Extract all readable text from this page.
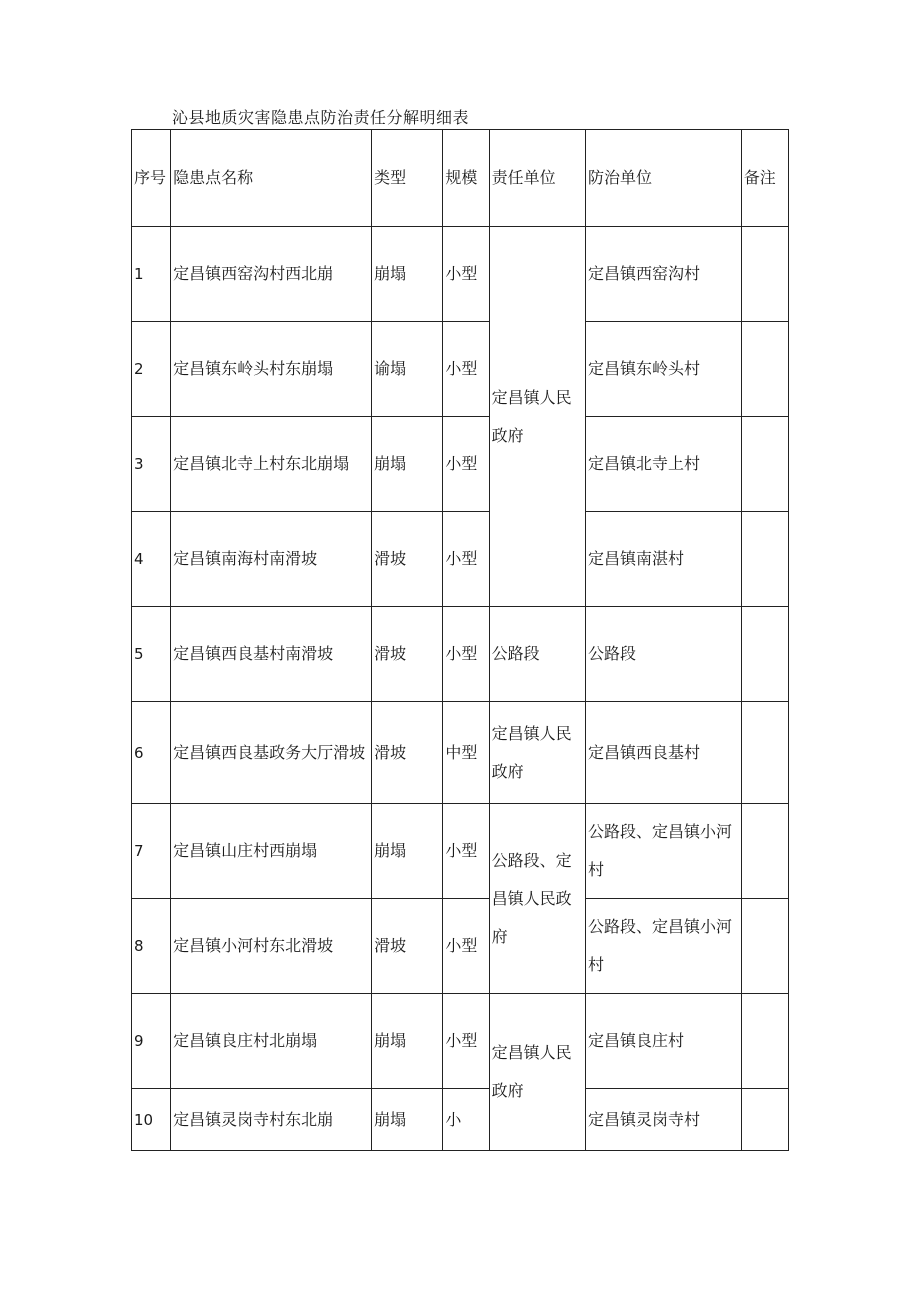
沁县地质灾害隐患点防治责任分解明细表
序号	隐患点名称	类型	规模	责任单位	防治单位	备注
1	定昌镇西窑沟村西北崩	崩塌	小型	定昌镇人民政府	定昌镇西窑沟村	
2	定昌镇东岭头村东崩塌	谕塌	小型		定昌镇东岭头村	
3	定昌镇北寺上村东北崩塌	崩塌	小型		定昌镇北寺上村	
4	定昌镇南海村南滑坡	滑坡	小型		定昌镇南湛村	
5	定昌镇西良基村南滑坡	滑坡	小型	公路段	公路段	
6	定昌镇西良基政务大厅滑坡	滑坡	中型	定昌镇人民政府	定昌镇西良基村	
7	定昌镇山庄村西崩塌	崩塌	小型	公路段、定昌镇人民政府	公路段、定昌镇小河村	
8	定昌镇小河村东北滑坡	滑坡	小型		公路段、定昌镇小河村	
9	定昌镇良庄村北崩塌	崩塌	小型	定昌镇人民政府	定昌镇良庄村	
10	定昌镇灵岗寺村东北崩	崩塌	小		定昌镇灵岗寺村	
